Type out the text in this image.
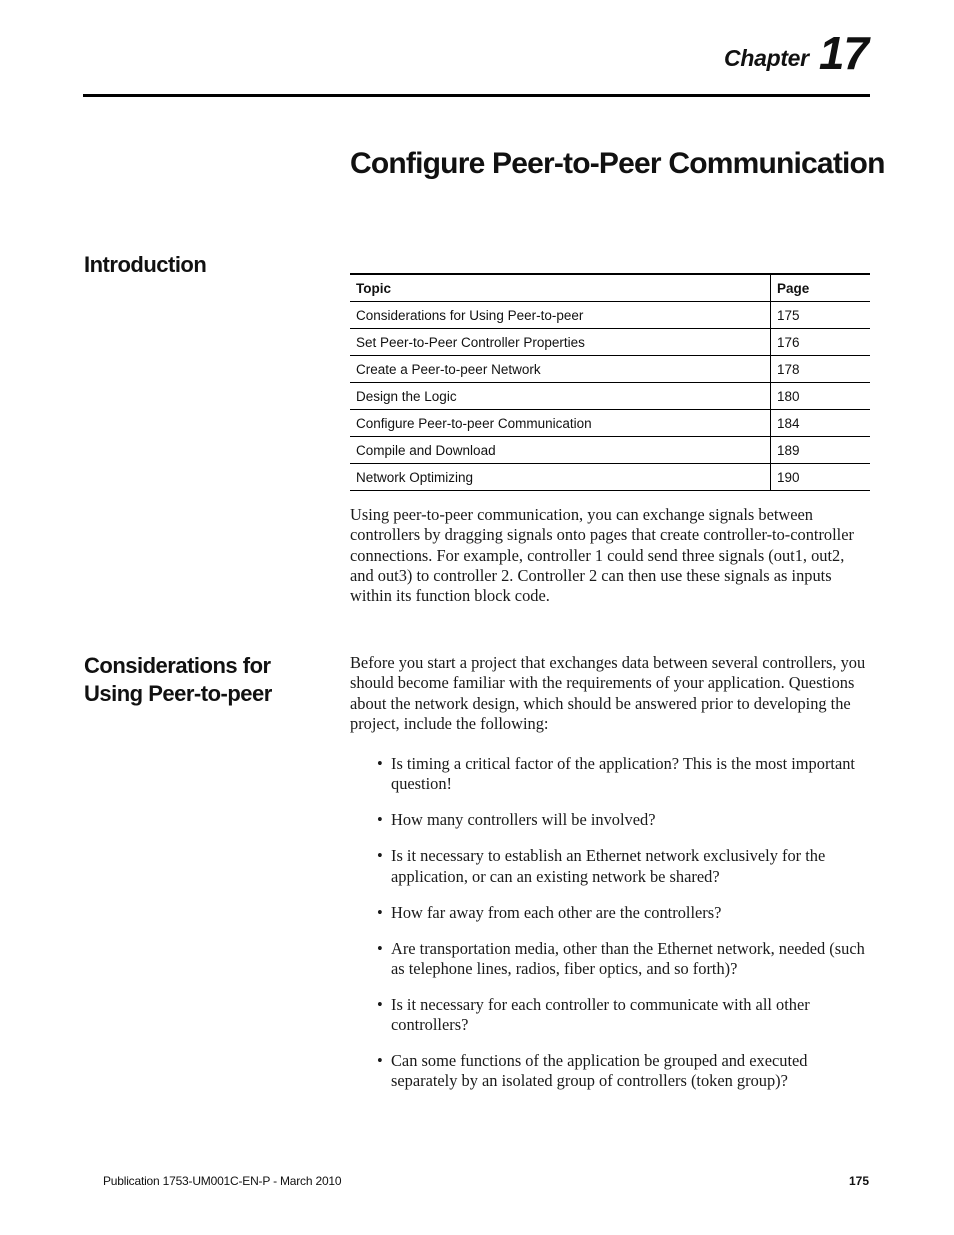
Chapter 17
Configure Peer-to-Peer Communication
Introduction
Topic	Page
Considerations for Using Peer-to-peer	175
Set Peer-to-Peer Controller Properties	176
Create a Peer-to-peer Network	178
Design the Logic	180
Configure Peer-to-peer Communication	184
Compile and Download	189
Network Optimizing	190

Using peer-to-peer communication, you can exchange signals between controllers by dragging signals onto pages that create controller-to-controller connections. For example, controller 1 could send three signals (out1, out2, and out3) to controller 2. Controller 2 can then use these signals as inputs within its function block code.

Considerations for Using Peer-to-peer

Before you start a project that exchanges data between several controllers, you should become familiar with the requirements of your application. Questions about the network design, which should be answered prior to developing the project, include the following:

• Is timing a critical factor of the application? This is the most important question!
• How many controllers will be involved?
• Is it necessary to establish an Ethernet network exclusively for the application, or can an existing network be shared?
• How far away from each other are the controllers?
• Are transportation media, other than the Ethernet network, needed (such as telephone lines, radios, fiber optics, and so forth)?
• Is it necessary for each controller to communicate with all other controllers?
• Can some functions of the application be grouped and executed separately by an isolated group of controllers (token group)?
Publication 1753-UM001C-EN-P - March 2010	175
